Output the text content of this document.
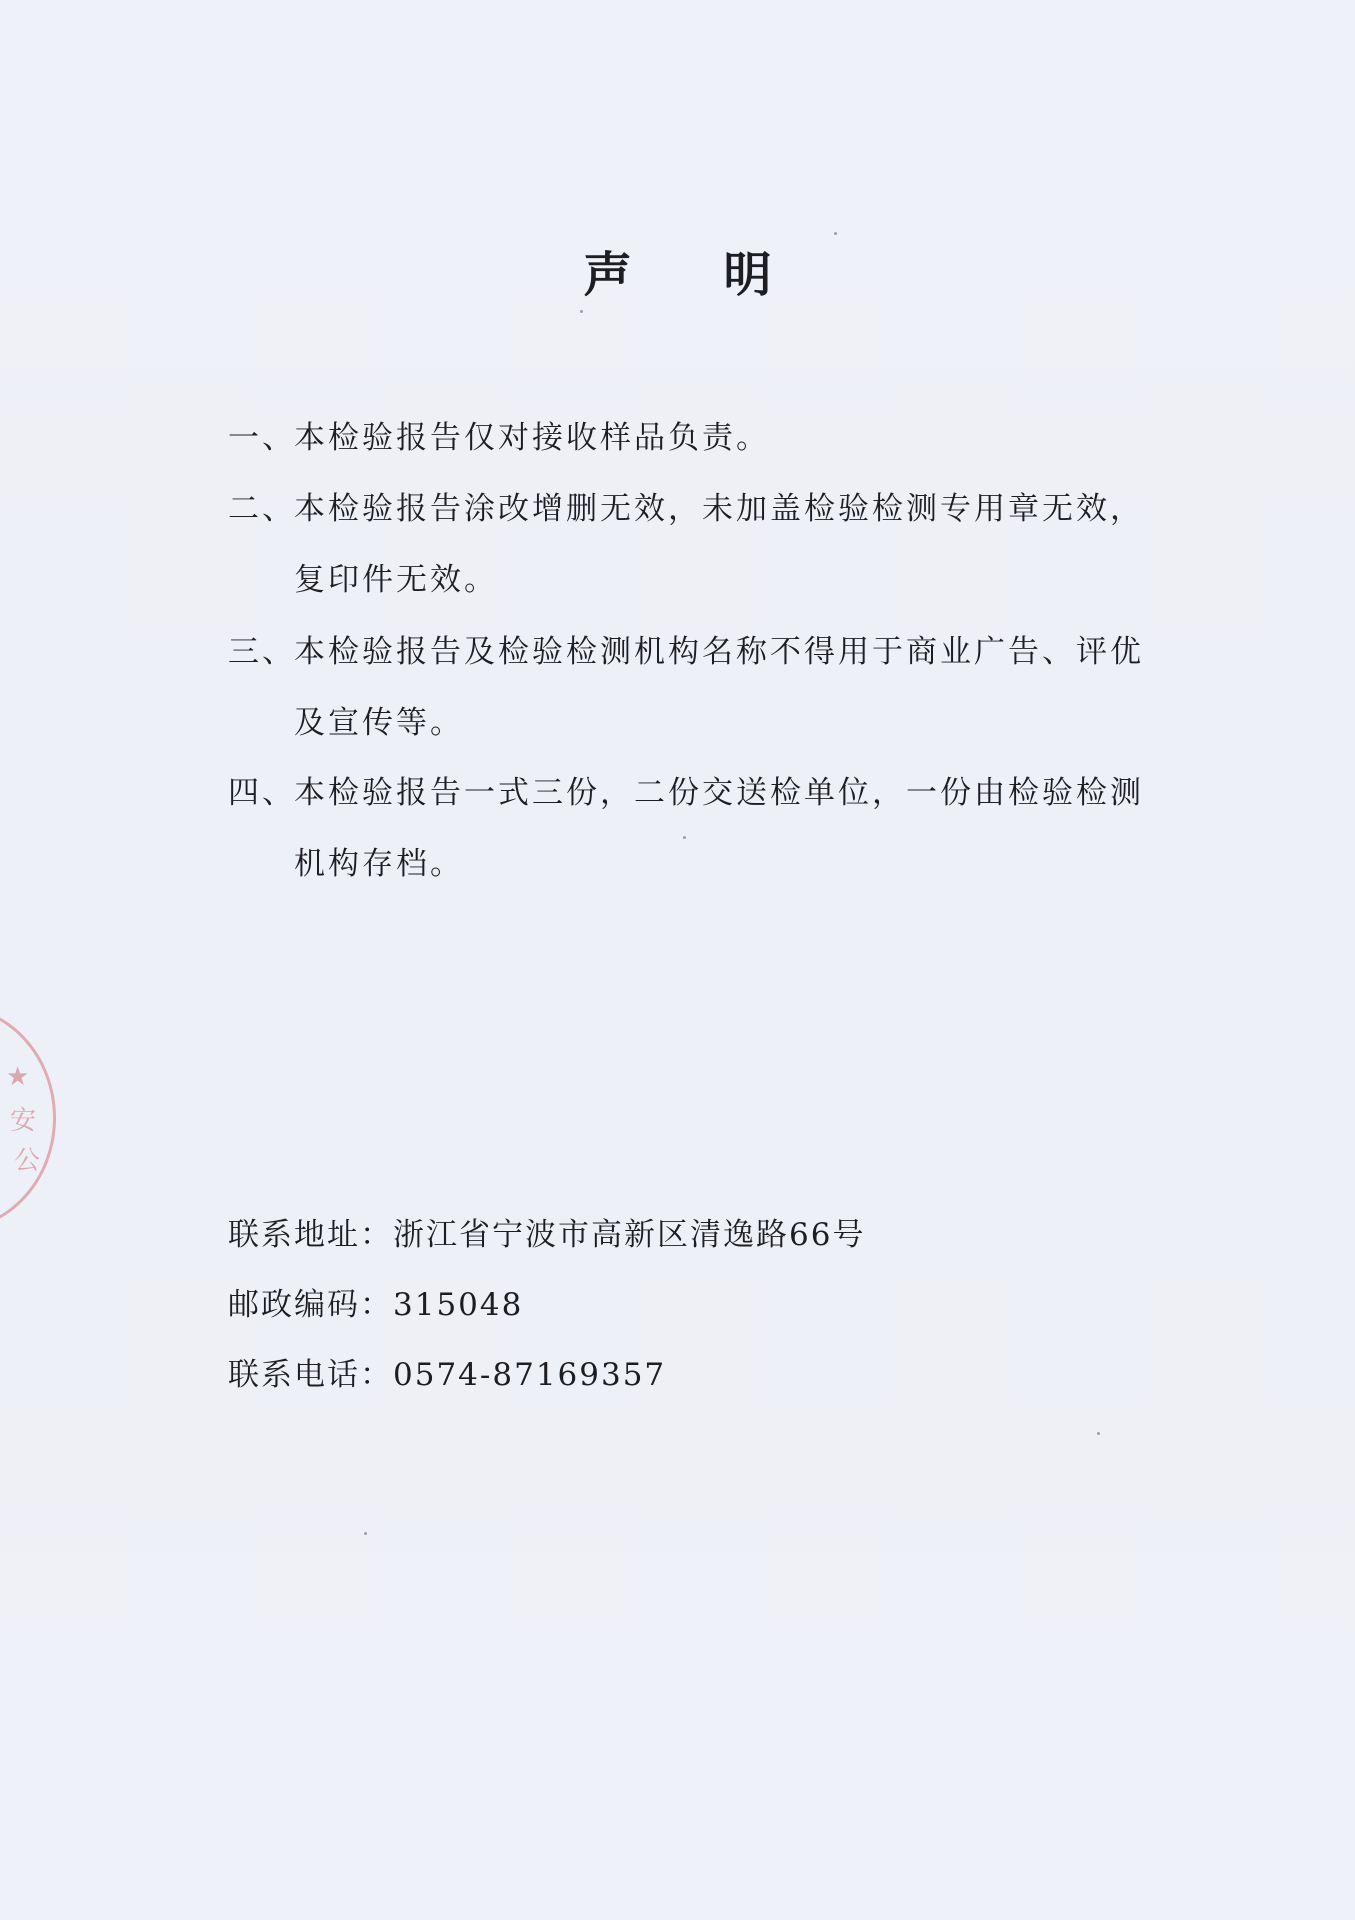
★
安
公
声 明
一、
本检验报告仅对接收样品负责。
二、
本检验报告涂改增删无效，未加盖检验检测专用章无效，复印件无效。
三、
本检验报告及检验检测机构名称不得用于商业广告、评优及宣传等。
四、
本检验报告一式三份，二份交送检单位，一份由检验检测机构存档。
联系地址：浙江省宁波市高新区清逸路66号
邮政编码：315048
联系电话：0574-87169357
